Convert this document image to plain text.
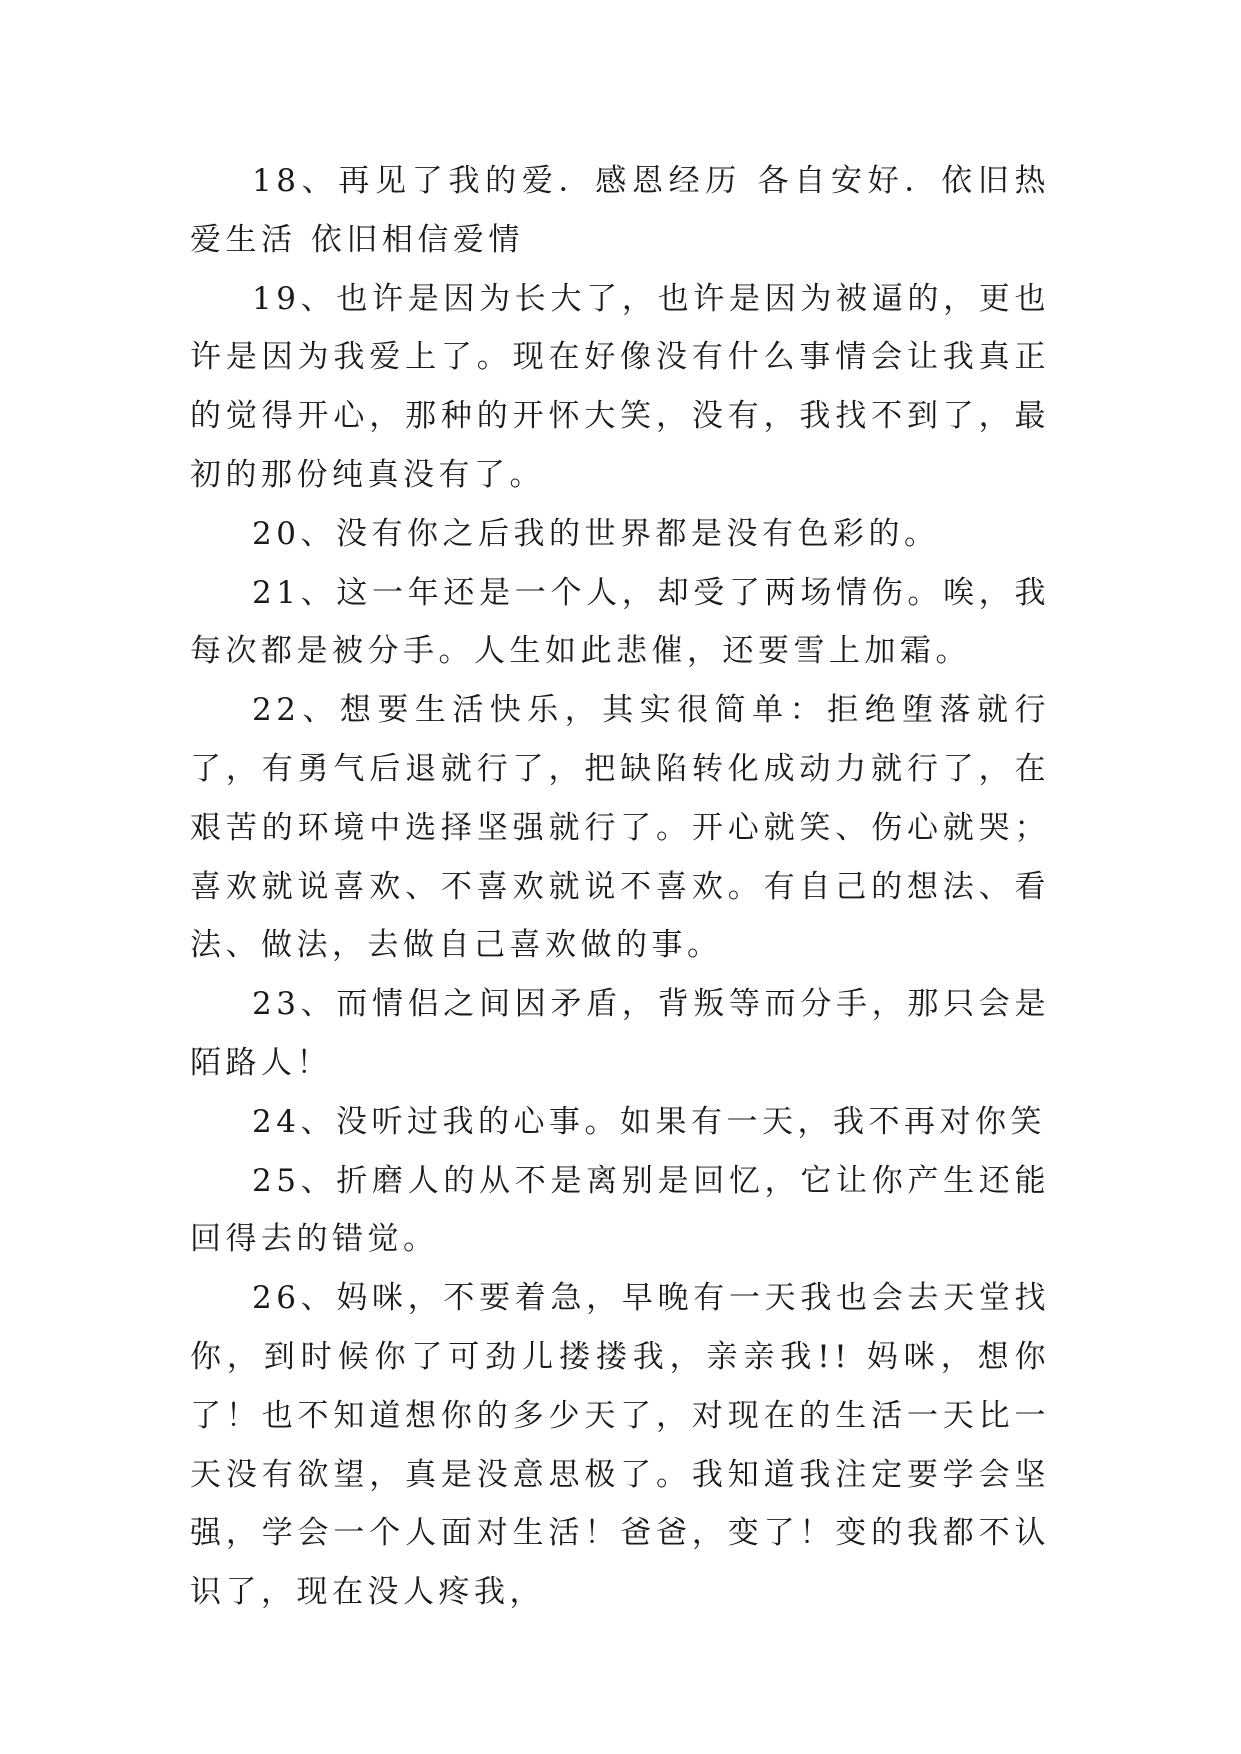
18、再见了我的爱．感恩经历 各自安好．依旧热爱生活 依旧相信爱情

19、也许是因为长大了，也许是因为被逼的，更也许是因为我爱上了。现在好像没有什么事情会让我真正的觉得开心，那种的开怀大笑，没有，我找不到了，最初的那份纯真没有了。

20、没有你之后我的世界都是没有色彩的。

21、这一年还是一个人，却受了两场情伤。唉，我每次都是被分手。人生如此悲催，还要雪上加霜。

22、想要生活快乐，其实很简单：拒绝堕落就行了，有勇气后退就行了，把缺陷转化成动力就行了，在艰苦的环境中选择坚强就行了。开心就笑、伤心就哭；喜欢就说喜欢、不喜欢就说不喜欢。有自己的想法、看法、做法，去做自己喜欢做的事。

23、而情侣之间因矛盾，背叛等而分手，那只会是陌路人！

24、没听过我的心事。如果有一天，我不再对你笑

25、折磨人的从不是离别是回忆，它让你产生还能回得去的错觉。

26、妈咪，不要着急，早晚有一天我也会去天堂找你，到时候你了可劲儿搂搂我，亲亲我!! 妈咪，想你了！也不知道想你的多少天了，对现在的生活一天比一天没有欲望，真是没意思极了。我知道我注定要学会坚强，学会一个人面对生活！爸爸，变了！变的我都不认识了，现在没人疼我，
